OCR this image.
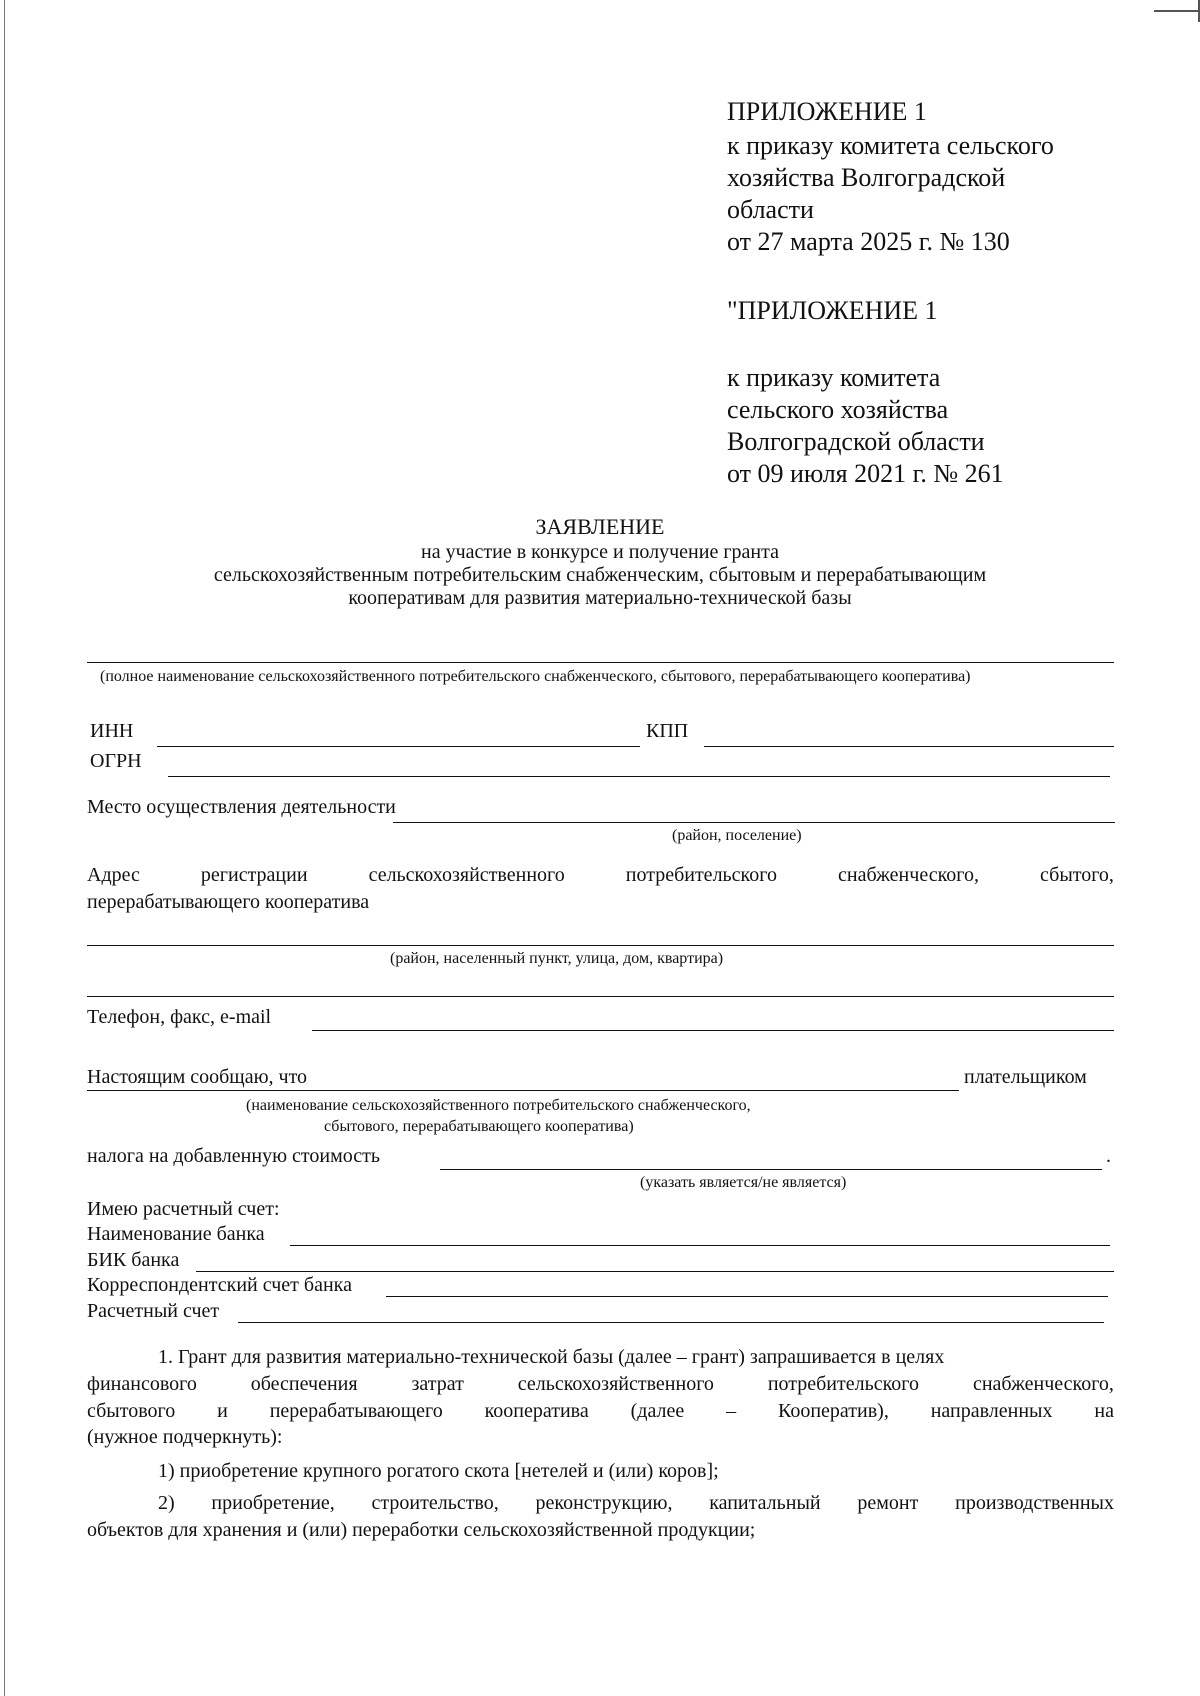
ПРИЛОЖЕНИЕ 1
к приказу комитета сельского
хозяйства Волгоградской
области
от 27 марта 2025 г. № 130
"ПРИЛОЖЕНИЕ 1
к приказу комитета
сельского хозяйства
Волгоградской области
от 09 июля 2021 г. № 261
ЗАЯВЛЕНИЕ
на участие в конкурсе и получение гранта
сельскохозяйственным потребительским снабженческим, сбытовым и перерабатывающим
кооперативам для развития материально-технической базы
(полное наименование сельскохозяйственного потребительского снабженческого, сбытового, перерабатывающего кооператива)
ИНН	КПП
ОГРН
Место осуществления деятельности
(район, поселение)
Адрес	регистрации	сельскохозяйственного	потребительского	снабженческого,	сбытого,
перерабатывающего кооператива
(район, населенный пункт, улица, дом, квартира)
Телефон, факс, e-mail
Настоящим сообщаю, что	плательщиком
(наименование сельскохозяйственного потребительского снабженческого,
сбытового, перерабатывающего кооператива)
налога на добавленную стоимость	.
(указать является/не является)
Имею расчетный счет:
Наименование банка
БИК банка
Корреспондентский счет банка
Расчетный счет
1. Грант для развития материально-технической базы (далее – грант) запрашивается в целях
финансового	обеспечения	затрат	сельскохозяйственного	потребительского	снабженческого,
сбытового и перерабатывающего кооператива (далее – Кооператив), направленных на
(нужное подчеркнуть):
1) приобретение крупного рогатого скота [нетелей и (или) коров];
2) приобретение, строительство, реконструкцию, капитальный ремонт производственных
объектов для хранения и (или) переработки сельскохозяйственной продукции;
